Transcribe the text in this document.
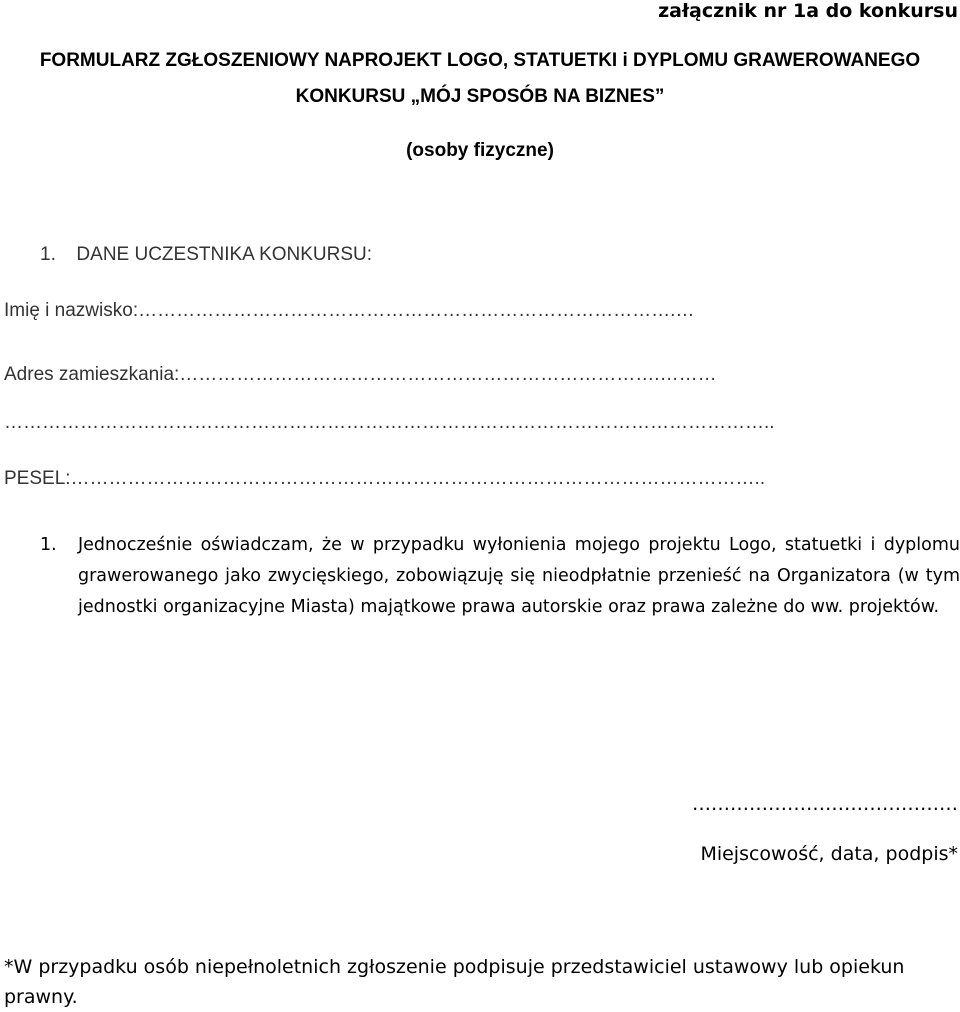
załącznik nr 1a do konkursu
FORMULARZ ZGŁOSZENIOWY NAPROJEKT LOGO, STATUETKI i DYPLOMU GRAWEROWANEGO
KONKURSU „MÓJ SPOSÓB NA BIZNES”
(osoby fizyczne)
1. DANE UCZESTNIKA KONKURSU:
Imię i nazwisko:………………………………………………………………………….…
Adres zamieszkania:………………………………………………………………….………
…………………………………………………………………………………………………………..
PESEL:………………………………………………………………………………………………..
1.	Jednocześnie oświadczam, że w przypadku wyłonienia mojego projektu Logo, statuetki i dyplomu grawerowanego jako zwycięskiego, zobowiązuję się nieodpłatnie przenieść na Organizatora (w tym jednostki organizacyjne Miasta) majątkowe prawa autorskie oraz prawa zależne do ww. projektów.
……………………………………
Miejscowość, data, podpis*
*W przypadku osób niepełnoletnich zgłoszenie podpisuje przedstawiciel ustawowy lub opiekun prawny.
